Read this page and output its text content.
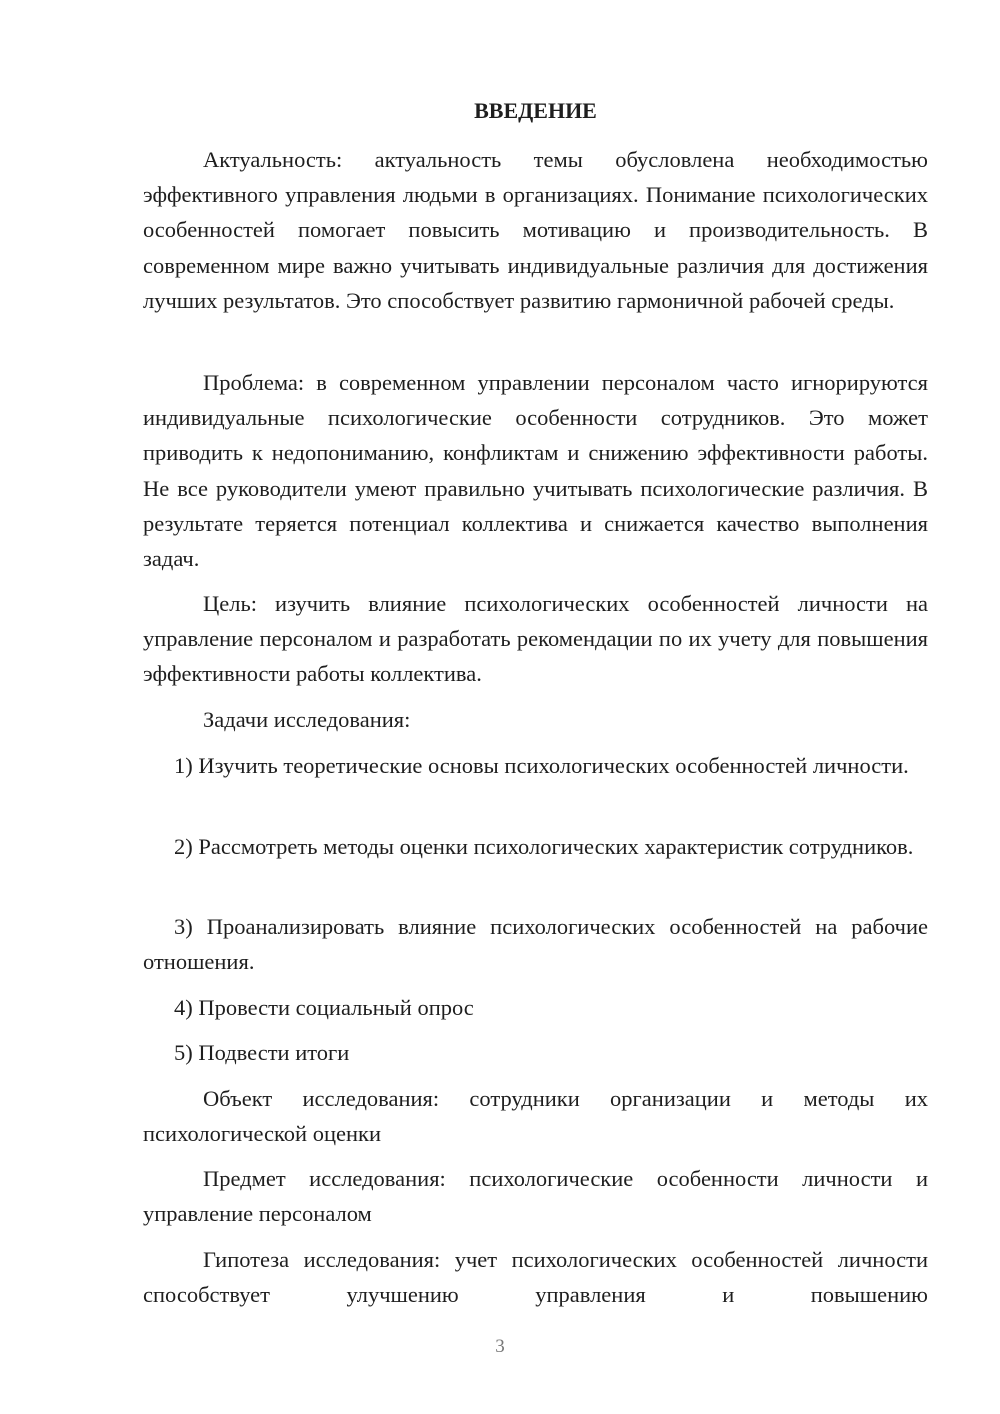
ВВЕДЕНИЕ

Актуальность: актуальность темы обусловлена необходимостью эффективного управления людьми в организациях. Понимание психологических особенностей помогает повысить мотивацию и производительность. В современном мире важно учитывать индивидуальные различия для достижения лучших результатов. Это способствует развитию гармоничной рабочей среды.

Проблема: в современном управлении персоналом часто игнорируются индивидуальные психологические особенности сотрудников. Это может приводить к недопониманию, конфликтам и снижению эффективности работы. Не все руководители умеют правильно учитывать психологические различия. В результате теряется потенциал коллектива и снижается качество выполнения задач.

Цель: изучить влияние психологических особенностей личности на управление персоналом и разработать рекомендации по их учету для повышения эффективности работы коллектива.

Задачи исследования:

1) Изучить теоретические основы психологических особенностей личности.

2) Рассмотреть методы оценки психологических характеристик сотрудников.

3) Проанализировать влияние психологических особенностей на рабочие отношения.

4) Провести социальный опрос

5) Подвести итоги

Объект исследования: сотрудники организации и методы их психологической оценки

Предмет исследования: психологические особенности личности и управление персоналом

Гипотеза исследования: учет психологических особенностей личности способствует улучшению управления и повышению

3
